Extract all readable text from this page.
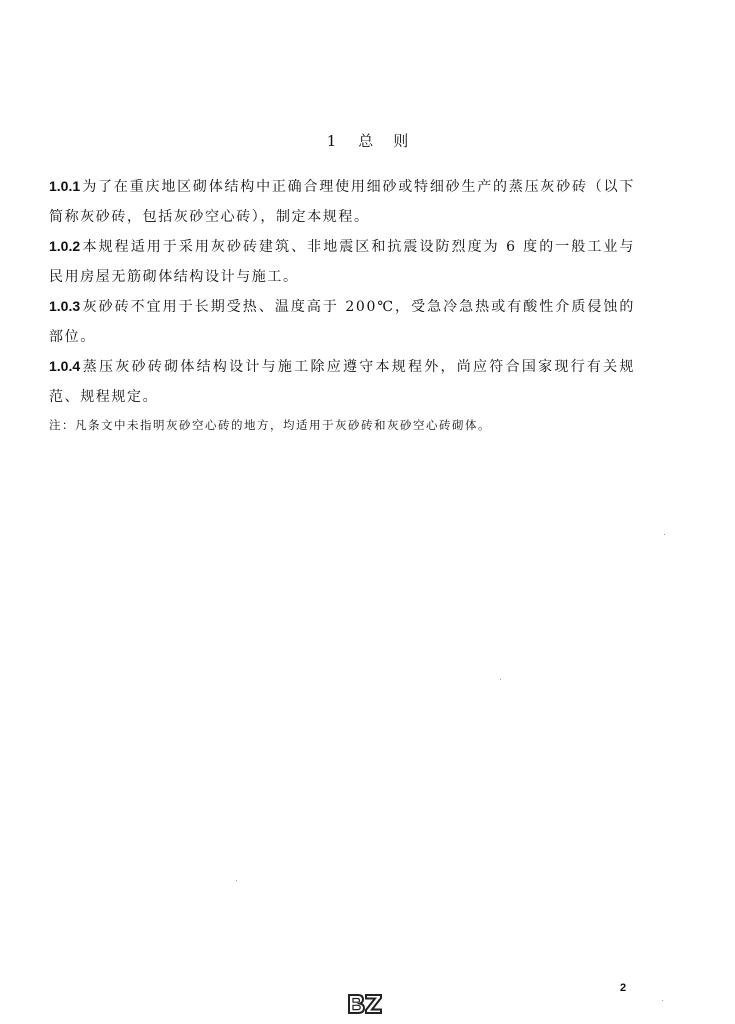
1 总 则

1.0.1 为了在重庆地区砌体结构中正确合理使用细砂或特细砂生产的蒸压灰砂砖（以下简称灰砂砖，包括灰砂空心砖），制定本规程。

1.0.2 本规程适用于采用灰砂砖建筑、非地震区和抗震设防烈度为 6 度的一般工业与民用房屋无筋砌体结构设计与施工。

1.0.3 灰砂砖不宜用于长期受热、温度高于 200℃，受急冷急热或有酸性介质侵蚀的部位。

1.0.4 蒸压灰砂砖砌体结构设计与施工除应遵守本规程外，尚应符合国家现行有关规范、规程规定。

注：凡条文中未指明灰砂空心砖的地方，均适用于灰砂砖和灰砂空心砖砌体。

2
